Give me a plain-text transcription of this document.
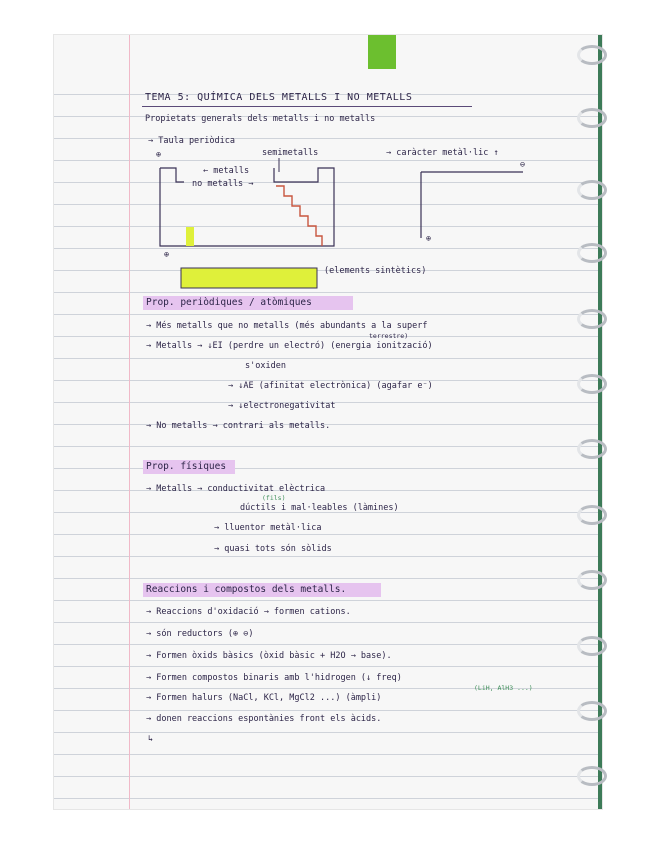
TEMA 5: QUÍMICA DELS METALLS I NO METALLS
Propietats generals dels metalls i no metalls
→ Taula periòdica
⊕	semimetalls
← metalls
no metalls →
⊕
→ caràcter metàl·lic ↑
⊖
⊕
(elements sintètics)
Prop. periòdiques / atòmiques
→ Més metalls que no metalls (més abundants a la superf
terrestre)
→ Metalls → ↓EI (perdre un electró) (energia ionització)
s'oxiden
→ ↓AE (afinitat electrònica) (agafar e⁻)
→ ↓electronegativitat
→ No metalls → contrari als metalls.
Prop. físiques
→ Metalls → conductivitat elèctrica
(fils)
dúctils i mal·leables (làmines)
→ lluentor metàl·lica
→ quasi tots són sòlids
Reaccions i compostos dels metalls.
→ Reaccions d'oxidació → formen cations.
→ són reductors (⊕ ⊖)
→ Formen òxids bàsics (òxid bàsic + H2O → base).
→ Formen compostos binaris amb l'hidrogen (↓ freq)
→ Formen halurs (NaCl, KCl, MgCl2 ...) (àmpli)
(LiH, AlH3 ...)
→ donen reaccions espontànies front els àcids.
↳
